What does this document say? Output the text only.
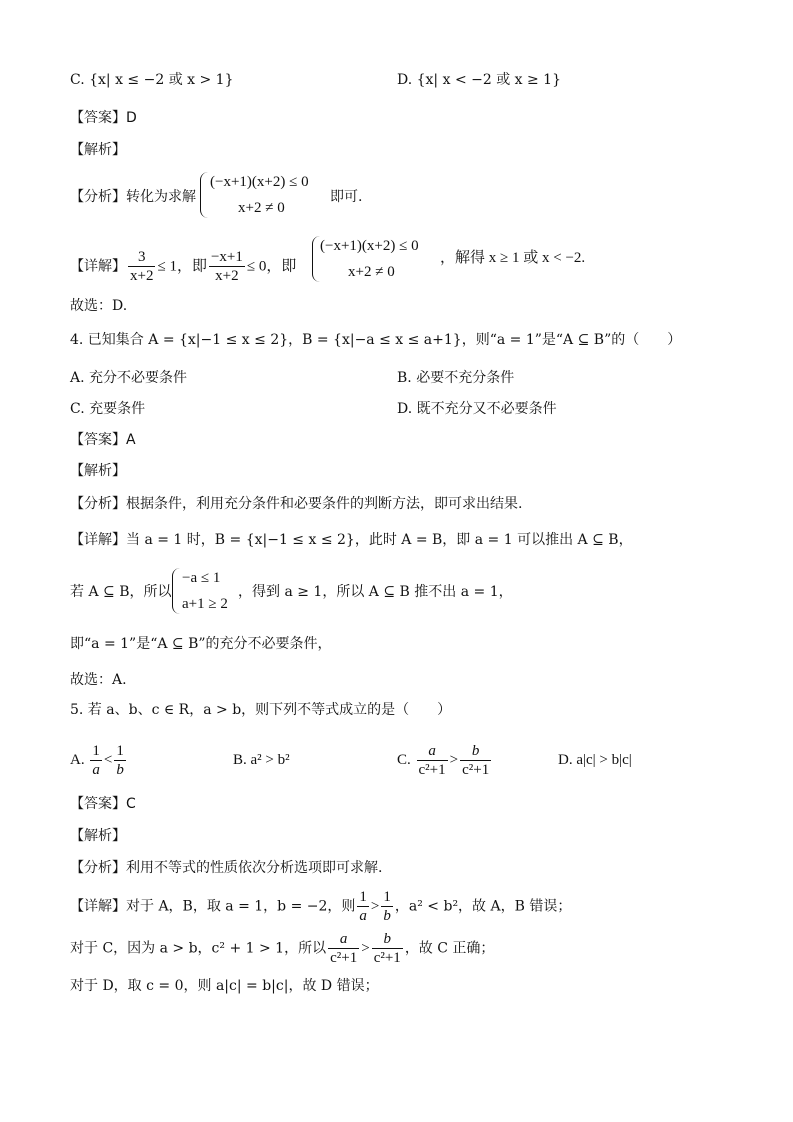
C. {x| x ≤ −2 或 x > 1}	D. {x| x < −2 或 x ≥ 1}
【答案】D
【解析】
【分析】转化为求解
(−x+1)(x+2) ≤ 0
x+2 ≠ 0
即可.
【详解】 $\frac{3}{x+2} \le 1$，即 $\frac{-x+1}{x+2} \le 0$，即
(−x+1)(x+2) ≤ 0
x+2 ≠ 0
，解得 x ≥ 1 或 x < −2.
故选：D.
4. 已知集合 A = {x|−1 ≤ x ≤ 2}，B = {x|−a ≤ x ≤ a+1}，则“a = 1”是“A ⊆ B”的（　　）
A. 充分不必要条件	B. 必要不充分条件
C. 充要条件	D. 既不充分又不必要条件
【答案】A
【解析】
【分析】根据条件，利用充分条件和必要条件的判断方法，即可求出结果.
【详解】当 a = 1 时，B = {x|−1 ≤ x ≤ 2}，此时 A = B，即 a = 1 可以推出 A ⊆ B，
若 A ⊆ B，所以
−a ≤ 1
a+1 ≥ 2
，得到 a ≥ 1，所以 A ⊆ B 推不出 a = 1，
即“a = 1”是“A ⊆ B”的充分不必要条件，
故选：A.
5. 若 a、b、c ∈ R，a > b，则下列不等式成立的是（　　）
A. $\frac{1}{a} < \frac{1}{b}$	B. a² > b²	C. $\frac{a}{\text{c²+1}} > \frac{b}{\text{c²+1}}$	D. a|c| > b|c|
【答案】C
【解析】
【分析】利用不等式的性质依次分析选项即可求解.
【详解】对于 A，B，取 a = 1，b = −2，则 $\frac{1}{a} > \frac{1}{b}$ ，a² < b²，故 A，B 错误；
对于 C，因为 a > b，c² + 1 > 1，所以 $\frac{a}{\text{c²+1}} > \frac{b}{\text{c²+1}}$ ，故 C 正确；
对于 D，取 c = 0，则 a|c| = b|c|，故 D 错误；
